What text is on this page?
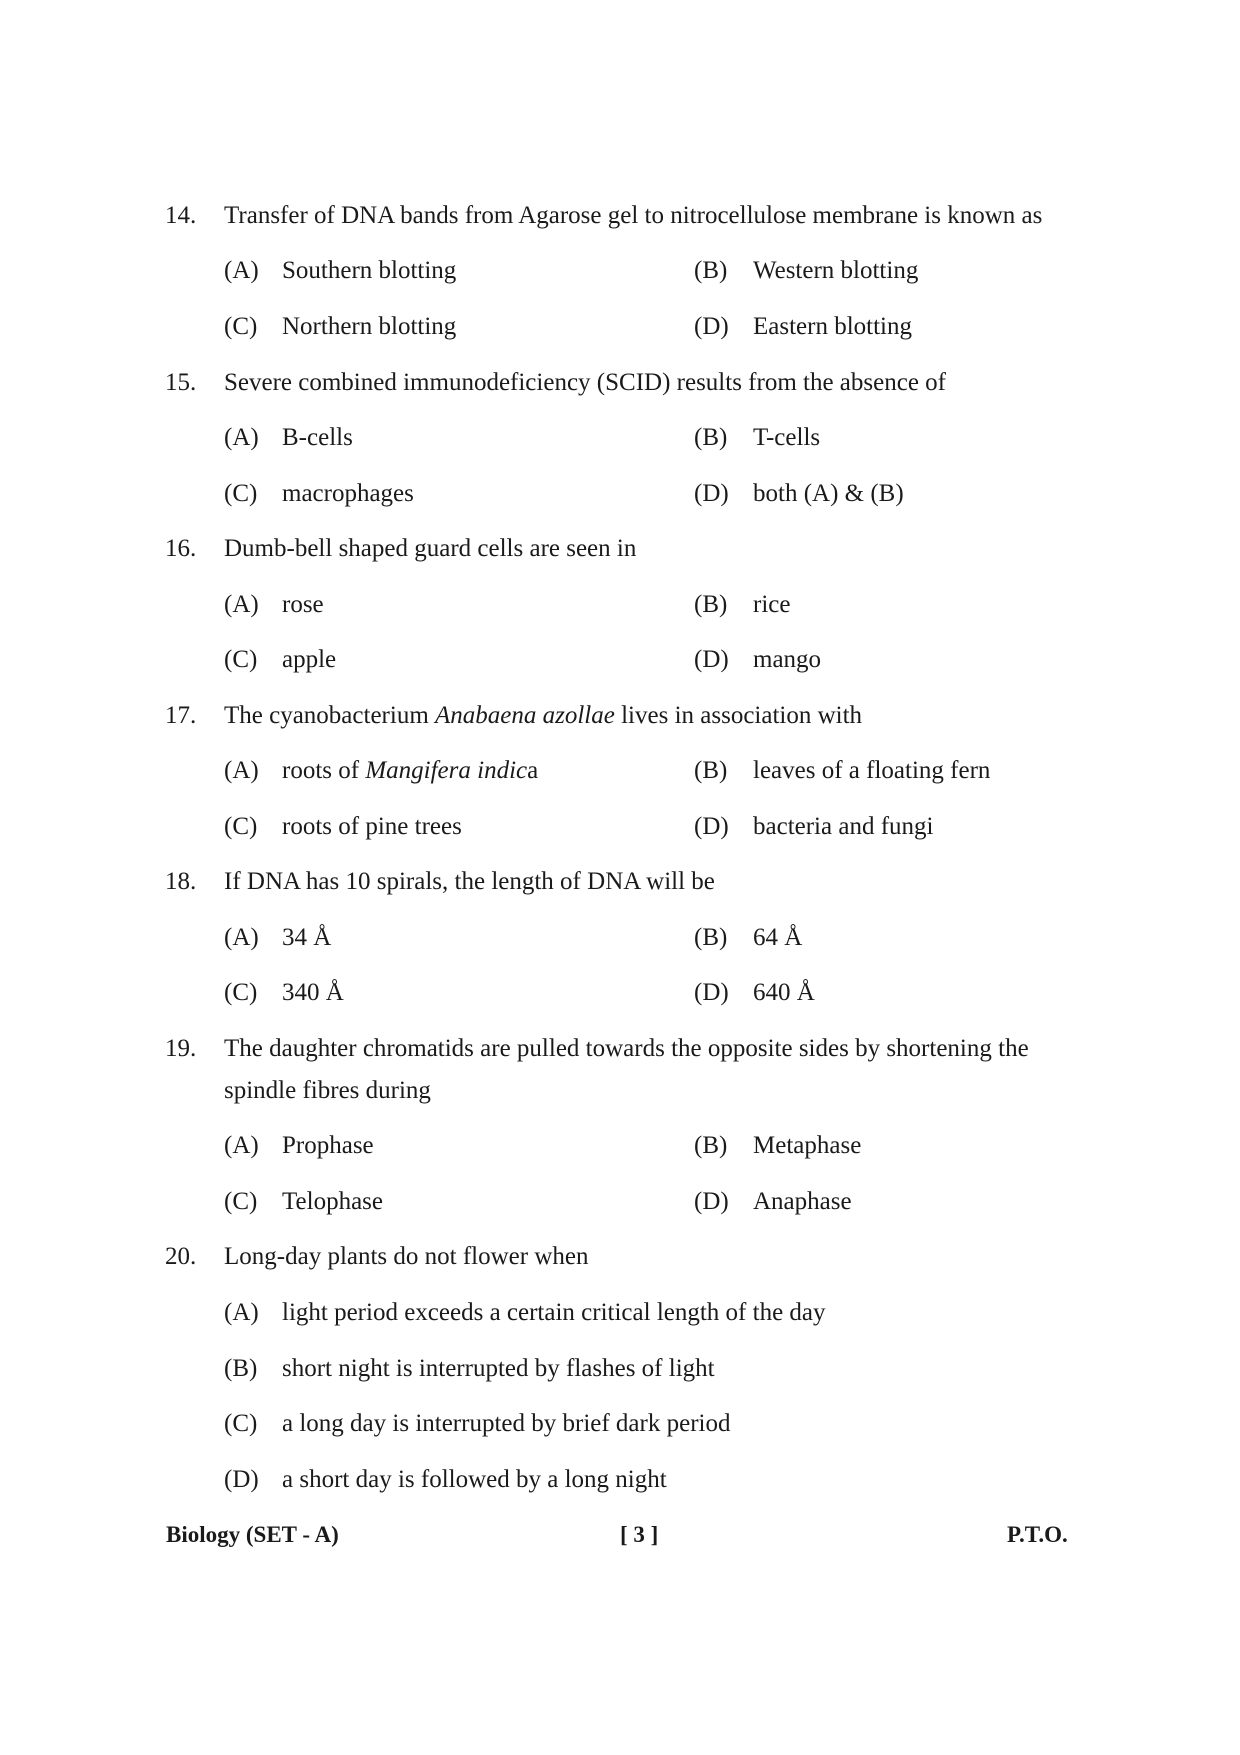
14. Transfer of DNA bands from Agarose gel to nitrocellulose membrane is known as
(A) Southern blotting	(B) Western blotting
(C) Northern blotting	(D) Eastern blotting
15. Severe combined immunodeficiency (SCID) results from the absence of
(A) B-cells	(B) T-cells
(C) macrophages	(D) both (A) & (B)
16. Dumb-bell shaped guard cells are seen in
(A) rose	(B) rice
(C) apple	(D) mango
17. The cyanobacterium Anabaena azollae lives in association with
(A) roots of Mangifera indica	(B) leaves of a floating fern
(C) roots of pine trees	(D) bacteria and fungi
18. If DNA has 10 spirals, the length of DNA will be
(A) 34 Å	(B) 64 Å
(C) 340 Å	(D) 640 Å
19. The daughter chromatids are pulled towards the opposite sides by shortening the
spindle fibres during
(A) Prophase	(B) Metaphase
(C) Telophase	(D) Anaphase
20. Long-day plants do not flower when
(A) light period exceeds a certain critical length of the day
(B) short night is interrupted by flashes of light
(C) a long day is interrupted by brief dark period
(D) a short day is followed by a long night
Biology (SET - A)	[ 3 ]	P.T.O.
